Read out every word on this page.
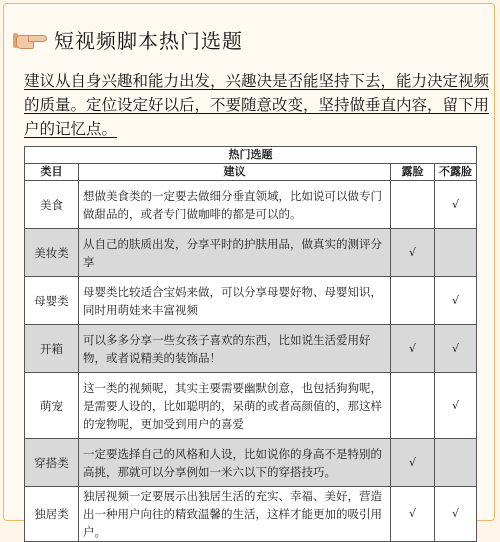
短视频脚本热门选题
建议从自身兴趣和能力出发，兴趣决是否能坚持下去，能力决定视频的质量。定位设定好以后，不要随意改变，坚持做垂直内容，留下用户的记忆点。
热门选题			
类目	建议	露脸	不露脸
美食	想做美食类的一定要去做细分垂直领域，比如说可以做专门做甜品的，或者专门做咖啡的都是可以的。		√
美妆类	从自己的肤质出发，分享平时的护肤用品，做真实的测评分享	√	
母婴类	母婴类比较适合宝妈来做，可以分享母婴好物、母婴知识，同时用萌娃来丰富视频		√
开箱	可以多多分享一些女孩子喜欢的东西，比如说生活爱用好物，或者说精美的装饰品！	√	√
萌宠	这一类的视频呢，其实主要需要幽默创意，也包括狗狗呢，是需要人设的，比如聪明的，呆萌的或者高颜值的，那这样的宠物呢，更加受到用户的喜爱		√
穿搭类	一定要选择自己的风格和人设，比如说你的身高不是特别的高挑，那就可以分享例如一米六以下的穿搭技巧。	√	
独居类	独居视频一定要展示出独居生活的充实、幸福、美好，营造出一种用户向往的精致温馨的生活，这样才能更加的吸引用户。	√	√
